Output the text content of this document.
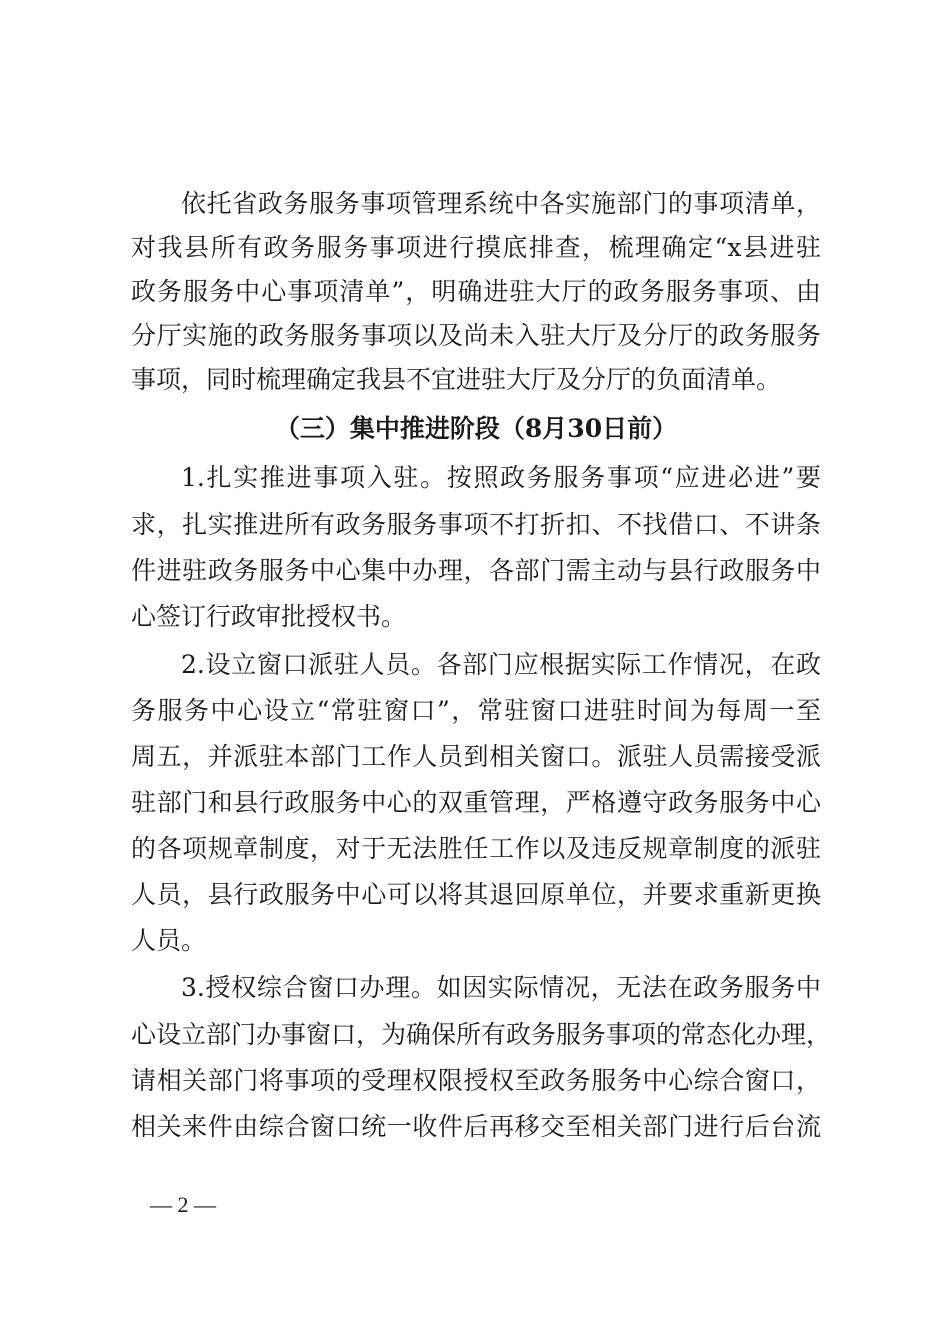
依托省政务服务事项管理系统中各实施部门的事项清单，
对我县所有政务服务事项进行摸底排查，梳理确定“x县进驻
政务服务中心事项清单”，明确进驻大厅的政务服务事项、由
分厅实施的政务服务事项以及尚未入驻大厅及分厅的政务服务
事项，同时梳理确定我县不宜进驻大厅及分厅的负面清单。
（三）集中推进阶段（8月30日前）
1.扎实推进事项入驻。按照政务服务事项“应进必进”要
求，扎实推进所有政务服务事项不打折扣、不找借口、不讲条
件进驻政务服务中心集中办理，各部门需主动与县行政服务中
心签订行政审批授权书。
2.设立窗口派驻人员。各部门应根据实际工作情况，在政
务服务中心设立“常驻窗口”，常驻窗口进驻时间为每周一至
周五，并派驻本部门工作人员到相关窗口。派驻人员需接受派
驻部门和县行政服务中心的双重管理，严格遵守政务服务中心
的各项规章制度，对于无法胜任工作以及违反规章制度的派驻
人员，县行政服务中心可以将其退回原单位，并要求重新更换
人员。
3.授权综合窗口办理。如因实际情况，无法在政务服务中
心设立部门办事窗口，为确保所有政务服务事项的常态化办理，
请相关部门将事项的受理权限授权至政务服务中心综合窗口，
相关来件由综合窗口统一收件后再移交至相关部门进行后台流
— 2 —
